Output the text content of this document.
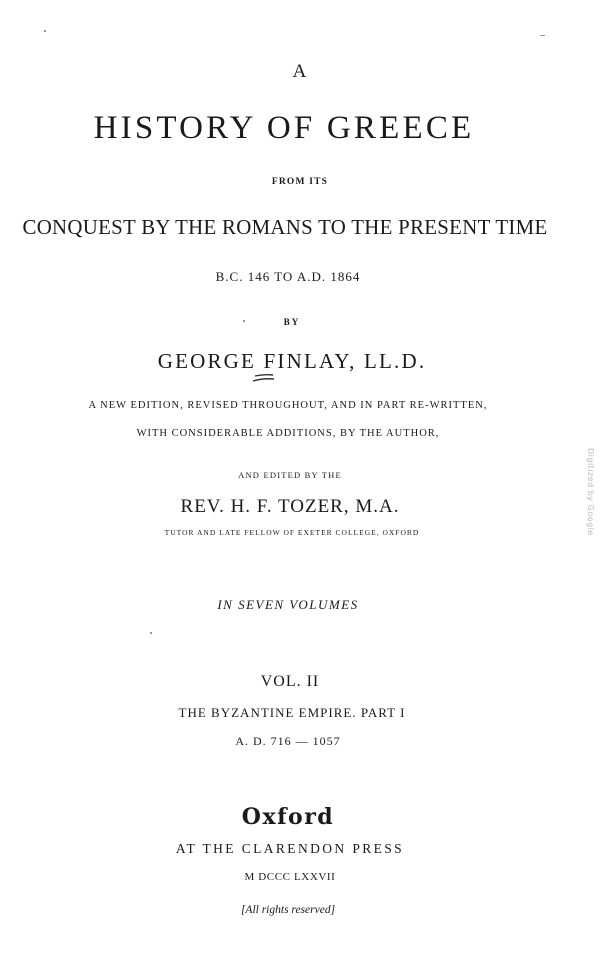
A
HISTORY OF GREECE
FROM ITS
CONQUEST BY THE ROMANS TO THE PRESENT TIME
B.C. 146 TO A.D. 1864
BY
GEORGE FINLAY, LL.D.
A NEW EDITION, REVISED THROUGHOUT, AND IN PART RE-WRITTEN,
WITH CONSIDERABLE ADDITIONS, BY THE AUTHOR,
AND EDITED BY THE
REV. H. F. TOZER, M.A.
TUTOR AND LATE FELLOW OF EXETER COLLEGE, OXFORD
IN SEVEN VOLUMES
VOL. II
THE BYZANTINE EMPIRE. PART I
A. D. 716 — 1057
Oxford
AT THE CLARENDON PRESS
M DCCC LXXVII
[All rights reserved]
Digitized by Google
